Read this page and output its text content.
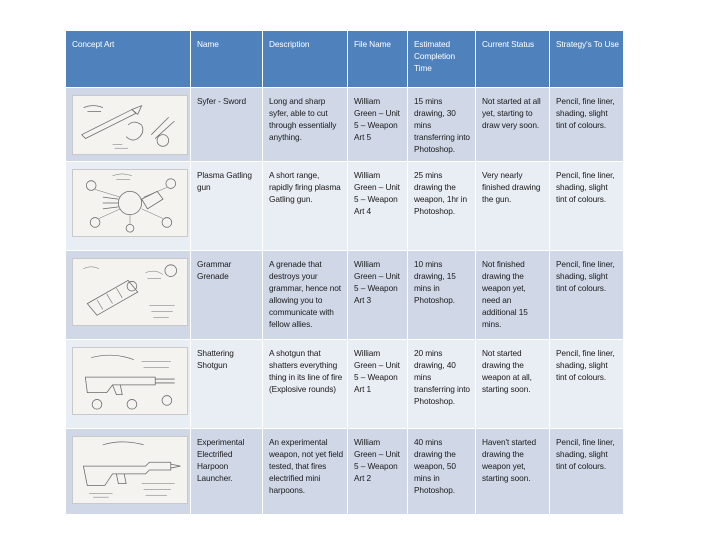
Concept Art	Name	Description	File Name	Estimated Completion Time	Current Status	Strategy's To Use

	Syfer - Sword	Long and sharp syfer, able to cut through essentially anything.	William Green – Unit 5 – Weapon Art 5	15 mins drawing, 30 mins transferring into Photoshop.	Not started at all yet, starting to draw very soon.	Pencil, fine liner, shading, slight tint of colours.

	Plasma Gatling gun	A short range, rapidly firing plasma Gatling gun.	William Green – Unit 5 – Weapon Art 4	25 mins drawing the weapon, 1hr in Photoshop.	Very nearly finished drawing the gun.	Pencil, fine liner, shading, slight tint of colours.

	Grammar Grenade	A grenade that destroys your grammar, hence not allowing you to communicate with fellow allies.	William Green – Unit 5 – Weapon Art 3	10 mins drawing, 15 mins in Photoshop.	Not finished drawing the weapon yet, need an additional 15 mins.	Pencil, fine liner, shading, slight tint of colours.

	Shattering Shotgun	A shotgun that shatters everything thing in its line of fire (Explosive rounds)	William Green – Unit 5 – Weapon Art 1	20 mins drawing, 40 mins transferring into Photoshop.	Not started drawing the weapon at all, starting soon.	Pencil, fine liner, shading, slight tint of colours.

	Experimental Electrified Harpoon Launcher.	An experimental weapon, not yet field tested, that fires electrified mini harpoons.	William Green – Unit 5 – Weapon Art 2	40 mins drawing the weapon, 50 mins in Photoshop.	Haven't started drawing the weapon yet, starting soon.	Pencil, fine liner, shading, slight tint of colours.
